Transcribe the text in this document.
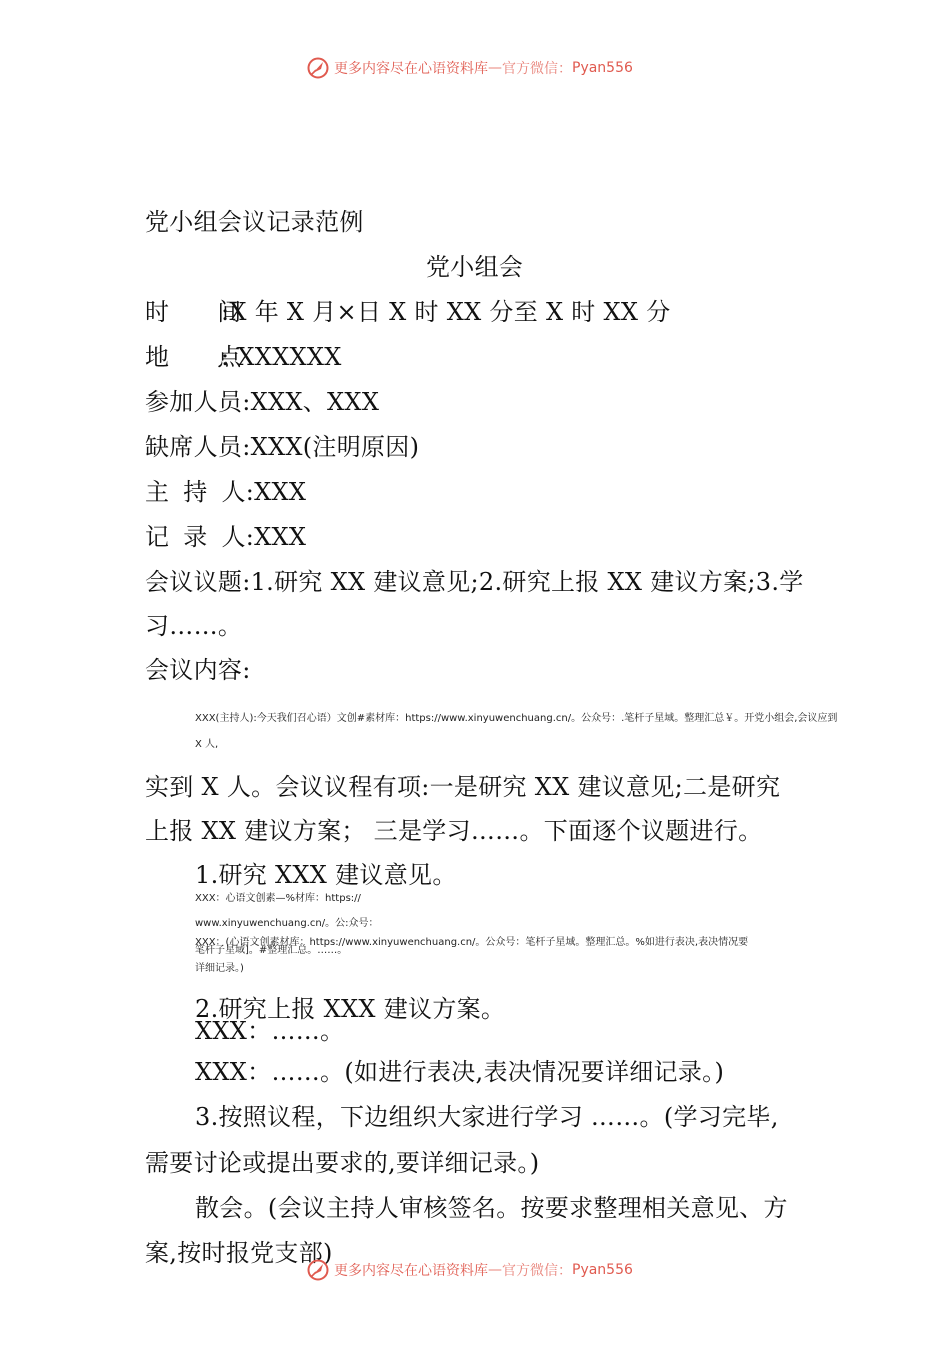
更多内容尽在心语资料库 — 官方微信： Pyan556
党小组会议记录范例
党小组会
时 间:X 年 X 月×日 X 时 XX 分至 X 时 XX 分
地 点: XXXXXX
参加人员:XXX、XXX
缺席人员:XXX(注明原因)
主 持 人:XXX
记 录 人:XXX
会议议题:1.研究 XX 建议意见;2.研究上报 XX 建议方案;3.学
习……。
会议内容:
XXX(主持人):今天我们召心语）文创#素材库：https://www.xinyuwenchuang.cn/。公众号：.笔杆子星域。整理汇总￥。开党小组会,会议应到
X 人,
实到 X 人。会议议程有项:一是研究 XX 建议意见;二是研究
上报 XX 建议方案； 三是学习……。下面逐个议题进行。
1.研究 XXX 建议意见。
XXX：心语文创素—%材库：https://
www.xinyuwenchuang.cn/。公:众号：
笔杆子星域]。#整理汇总。……。
XXX：(心语文创素材库：https://www.xinyuwenchuang.cn/。公众号：笔杆子星域。整理汇总。%如进行表决,表决情况要
详细记录。)
2.研究上报 XXX 建议方案。
XXX：……。
XXX：……。(如进行表决,表决情况要详细记录。)
3.按照议程，下边组织大家进行学习 ……。(学习完毕,
需要讨论或提出要求的,要详细记录。)
散会。(会议主持人审核签名。按要求整理相关意见、方
案,按时报党支部)
更多内容尽在心语资料库 — 官方微信： Pyan556
